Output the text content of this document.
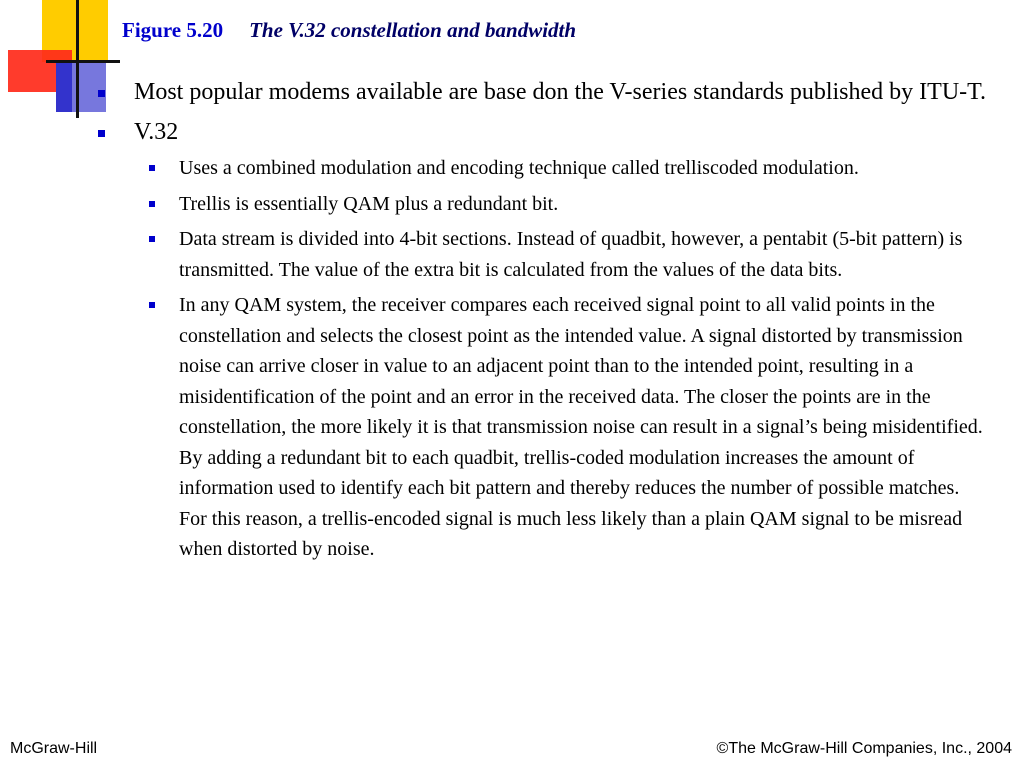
Figure 5.20 The V.32 constellation and bandwidth
Most popular modems available are base don the V-series standards published by ITU-T.
V.32
Uses a combined modulation and encoding technique called trelliscoded modulation.
Trellis is essentially QAM plus a redundant bit.
Data stream is divided into 4-bit sections. Instead of quadbit, however, a pentabit (5-bit pattern) is transmitted. The value of the extra bit is calculated from the values of the data bits.
In any QAM system, the receiver compares each received signal point to all valid points in the constellation and selects the closest point as the intended value. A signal distorted by transmission noise can arrive closer in value to an adjacent point than to the intended point, resulting in a misidentification of the point and an error in the received data. The closer the points are in the constellation, the more likely it is that transmission noise can result in a signal’s being misidentified. By adding a redundant bit to each quadbit, trellis-coded modulation increases the amount of information used to identify each bit pattern and thereby reduces the number of possible matches. For this reason, a trellis-encoded signal is much less likely than a plain QAM signal to be misread when distorted by noise.
McGraw-Hill	©The McGraw-Hill Companies, Inc., 2004
